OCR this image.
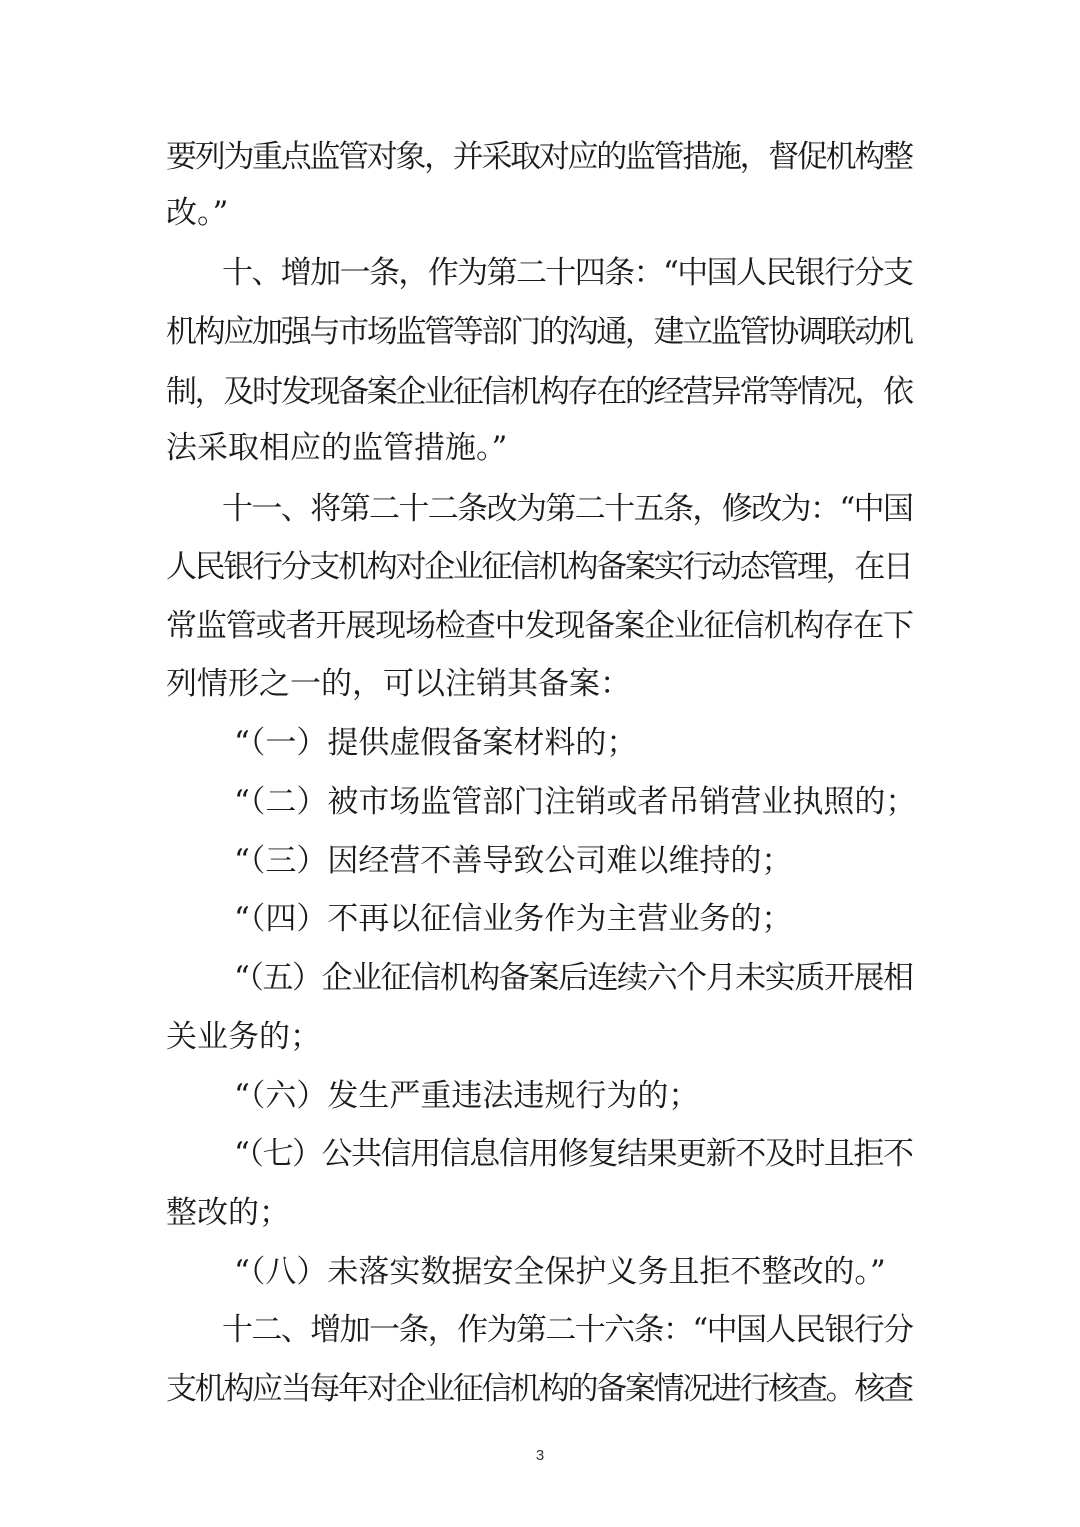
要列为重点监管对象，并采取对应的监管措施，督促机构整
改。”
十、增加一条，作为第二十四条：“中国人民银行分支
机构应加强与市场监管等部门的沟通，建立监管协调联动机
制，及时发现备案企业征信机构存在的经营异常等情况，依
法采取相应的监管措施。”
十一、将第二十二条改为第二十五条，修改为：“中国
人民银行分支机构对企业征信机构备案实行动态管理，在日
常监管或者开展现场检查中发现备案企业征信机构存在下
列情形之一的，可以注销其备案：
“（一）提供虚假备案材料的；
“（二）被市场监管部门注销或者吊销营业执照的；
“（三）因经营不善导致公司难以维持的；
“（四）不再以征信业务作为主营业务的；
“（五）企业征信机构备案后连续六个月未实质开展相
关业务的；
“（六）发生严重违法违规行为的；
“（七）公共信用信息信用修复结果更新不及时且拒不
整改的；
“（八）未落实数据安全保护义务且拒不整改的。”
十二、增加一条，作为第二十六条：“中国人民银行分
支机构应当每年对企业征信机构的备案情况进行核查。核查
3
